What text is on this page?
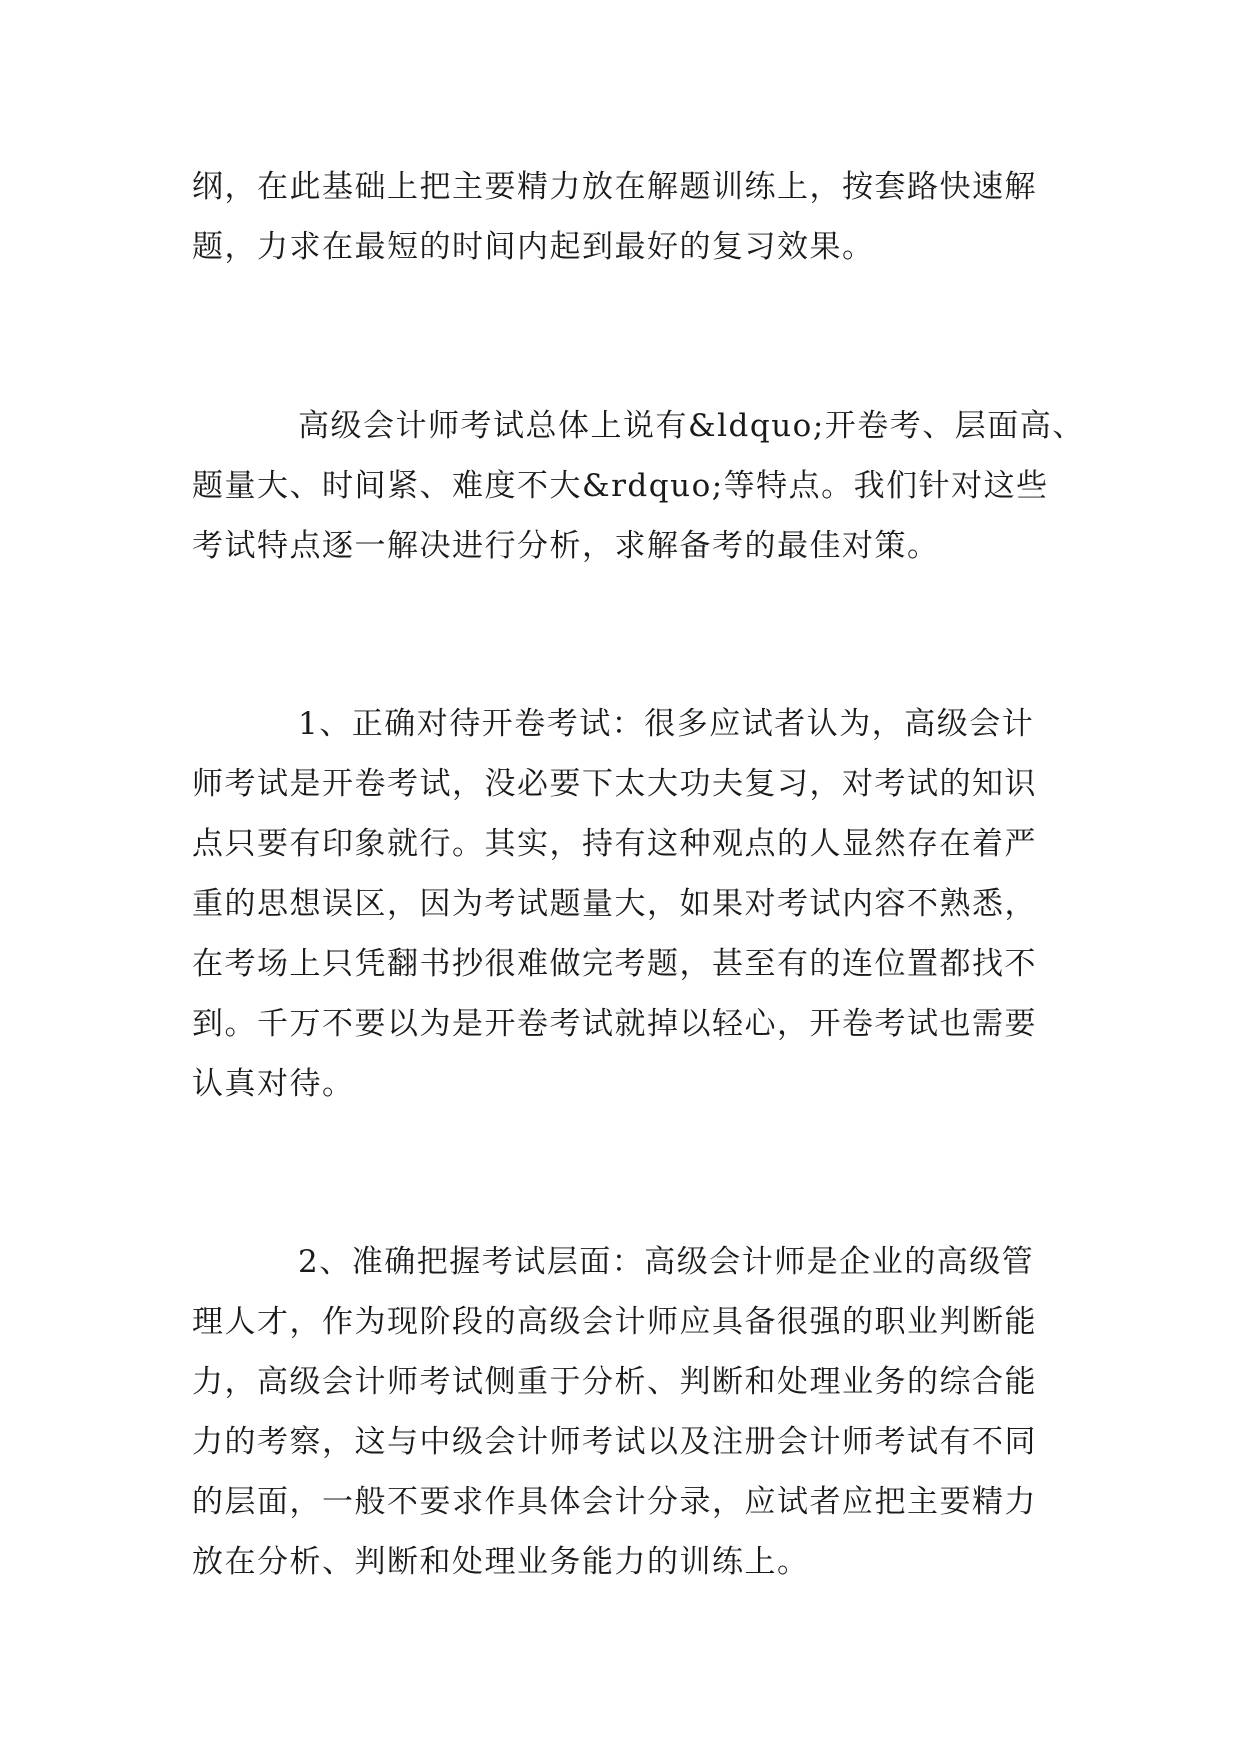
纲，在此基础上把主要精力放在解题训练上，按套路快速解
题，力求在最短的时间内起到最好的复习效果。

高级会计师考试总体上说有&ldquo;开卷考、层面高、
题量大、时间紧、难度不大&rdquo;等特点。我们针对这些
考试特点逐一解决进行分析，求解备考的最佳对策。

1、正确对待开卷考试：很多应试者认为，高级会计
师考试是开卷考试，没必要下太大功夫复习，对考试的知识
点只要有印象就行。其实，持有这种观点的人显然存在着严
重的思想误区，因为考试题量大，如果对考试内容不熟悉，
在考场上只凭翻书抄很难做完考题，甚至有的连位置都找不
到。千万不要以为是开卷考试就掉以轻心，开卷考试也需要
认真对待。

2、准确把握考试层面：高级会计师是企业的高级管
理人才，作为现阶段的高级会计师应具备很强的职业判断能
力，高级会计师考试侧重于分析、判断和处理业务的综合能
力的考察，这与中级会计师考试以及注册会计师考试有不同
的层面，一般不要求作具体会计分录，应试者应把主要精力
放在分析、判断和处理业务能力的训练上。
